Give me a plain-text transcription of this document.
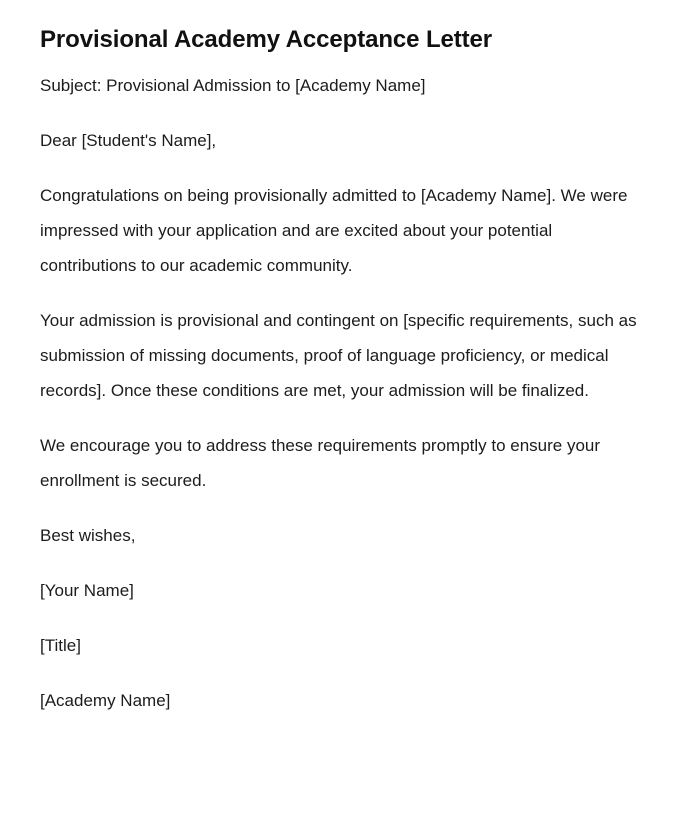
Provisional Academy Acceptance Letter

Subject: Provisional Admission to [Academy Name]

Dear [Student's Name],

Congratulations on being provisionally admitted to [Academy Name]. We were impressed with your application and are excited about your potential contributions to our academic community.

Your admission is provisional and contingent on [specific requirements, such as submission of missing documents, proof of language proficiency, or medical records]. Once these conditions are met, your admission will be finalized.

We encourage you to address these requirements promptly to ensure your enrollment is secured.

Best wishes,

[Your Name]

[Title]

[Academy Name]
